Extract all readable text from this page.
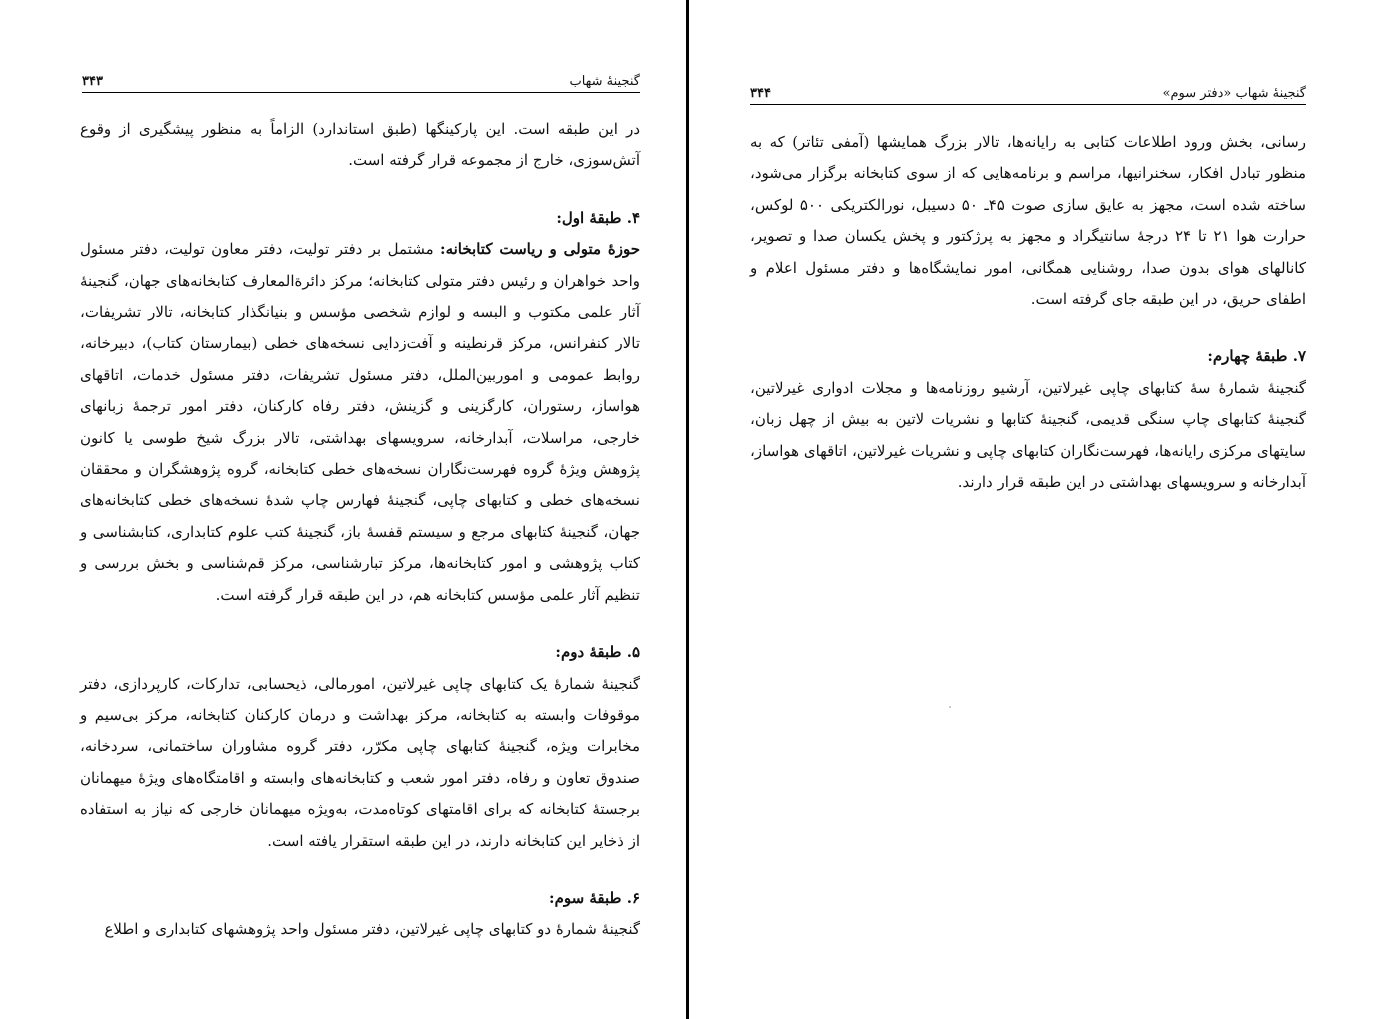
گنجینهٔ شهاب
۳۴۳

در این طبقه است. این پارکینگها (طبق استاندارد) الزاماً به منظور پیشگیری از وقوع آتش‌سوزی، خارج از مجموعه قرار گرفته است.

۴. طبقهٔ اول:

حوزهٔ متولی و ریاست کتابخانه: مشتمل بر دفتر تولیت، دفتر معاون تولیت، دفتر مسئول واحد خواهران و رئیس دفتر متولی کتابخانه؛ مرکز دائرةالمعارف کتابخانه‌های جهان، گنجینهٔ آثار علمی مکتوب و البسه و لوازم شخصی مؤسس و بنیانگذار کتابخانه، تالار تشریفات، تالار کنفرانس، مرکز قرنطینه و آفت‌زدایی نسخه‌های خطی (بیمارستان کتاب)، دبیرخانه، روابط عمومی و اموربین‌الملل، دفتر مسئول تشریفات، دفتر مسئول خدمات، اتاقهای هواساز، رستوران، کارگزینی و گزینش، دفتر رفاه کارکنان، دفتر امور ترجمهٔ زبانهای خارجی، مراسلات، آبدارخانه، سرویسهای بهداشتی، تالار بزرگ شیخ طوسی یا کانون پژوهش ویژهٔ گروه فهرست‌نگاران نسخه‌های خطی کتابخانه، گروه پژوهشگران و محققان نسخه‌های خطی و کتابهای چاپی، گنجینهٔ فهارس چاپ شدهٔ نسخه‌های خطی کتابخانه‌های جهان، گنجینهٔ کتابهای مرجع و سیستم قفسهٔ باز، گنجینهٔ کتب علوم کتابداری، کتابشناسی و کتاب پژوهشی و امور کتابخانه‌ها، مرکز تبارشناسی، مرکز قم‌شناسی و بخش بررسی و تنظیم آثار علمی مؤسس کتابخانه هم، در این طبقه قرار گرفته است.

۵. طبقهٔ دوم:

گنجینهٔ شمارهٔ یک کتابهای چاپی غیرلاتین، امورمالی، ذیحسابی، تدارکات، کارپردازی، دفتر موقوفات وابسته به کتابخانه، مرکز بهداشت و درمان کارکنان کتابخانه، مرکز بی‌سیم و مخابرات ویژه، گنجینهٔ کتابهای چاپی مکرّر، دفتر گروه مشاوران ساختمانی، سردخانه، صندوق تعاون و رفاه، دفتر امور شعب و کتابخانه‌های وابسته و اقامتگاه‌های ویژهٔ میهمانان برجستهٔ کتابخانه که برای اقامتهای کوتاه‌مدت، به‌ویژه میهمانان خارجی که نیاز به استفاده از ذخایر این کتابخانه دارند، در این طبقه استقرار یافته است.

۶. طبقهٔ سوم:

گنجینهٔ شمارهٔ دو کتابهای چاپی غیرلاتین، دفتر مسئول واحد پژوهشهای کتابداری و اطلاع

گنجینهٔ شهاب «دفتر سوم»
۳۴۴

رسانی، بخش ورود اطلاعات کتابی به رایانه‌ها، تالار بزرگ همایشها (آمفی تئاتر) که به منظور تبادل افکار، سخنرانیها، مراسم و برنامه‌هایی که از سوی کتابخانه برگزار می‌شود، ساخته شده است، مجهز به عایق سازی صوت ۴۵ـ ۵۰ دسیبل، نورالکتریکی ۵۰۰ لوکس، حرارت هوا ۲۱ تا ۲۴ درجهٔ سانتیگراد و مجهز به پرژکتور و پخش یکسان صدا و تصویر، کانالهای هوای بدون صدا، روشنایی همگانی، امور نمایشگاه‌ها و دفتر مسئول اعلام و اطفای حریق، در این طبقه جای گرفته است.

۷. طبقهٔ چهارم:

گنجینهٔ شمارهٔ سهٔ کتابهای چاپی غیرلاتین، آرشیو روزنامه‌ها و مجلات ادواری غیرلاتین، گنجینهٔ کتابهای چاپ سنگی قدیمی، گنجینهٔ کتابها و نشریات لاتین به بیش از چهل زبان، سایتهای مرکزی رایانه‌ها، فهرست‌نگاران کتابهای چاپی و نشریات غیرلاتین، اتاقهای هواساز، آبدارخانه و سرویسهای بهداشتی در این طبقه قرار دارند.
